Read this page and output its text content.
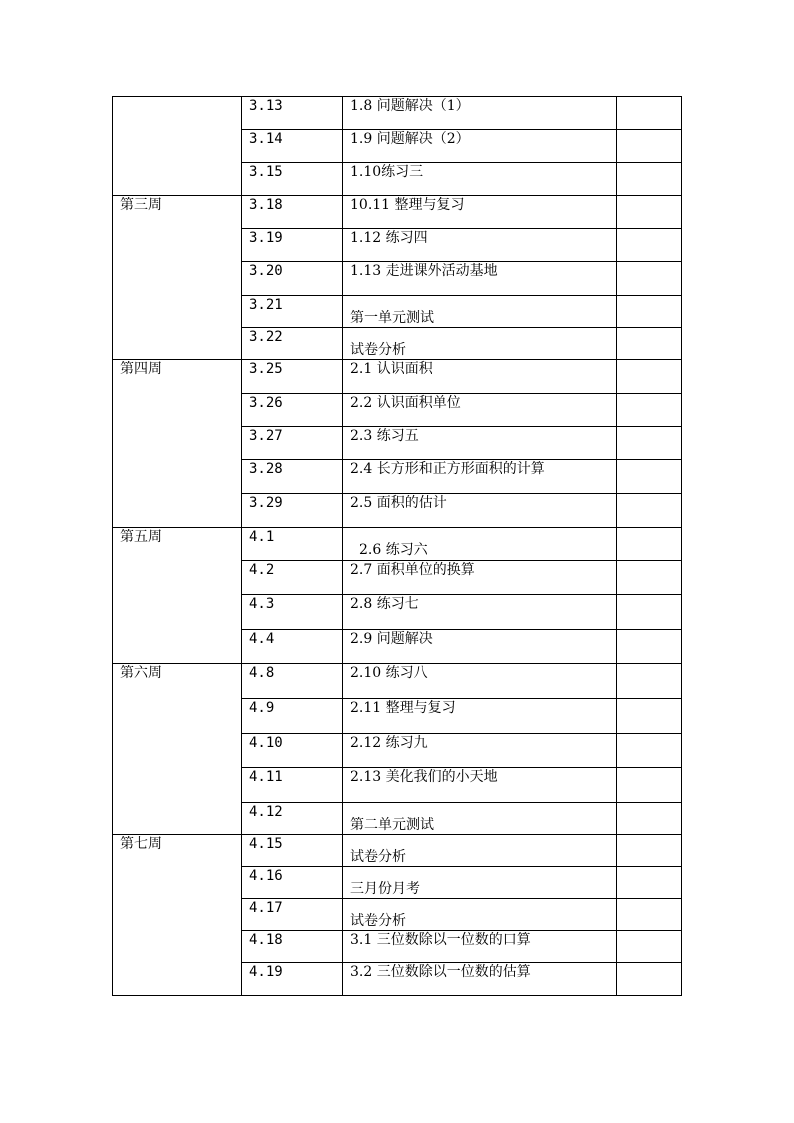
	3.13	1.8 问题解决（1）	
	3.14	1.9 问题解决（2）	
	3.15	1.10练习三	
第三周	3.18	10.11 整理与复习	
	3.19	1.12 练习四	
	3.20	1.13 走进课外活动基地	
	3.21	第一单元测试	
	3.22	试卷分析	
第四周	3.25	2.1 认识面积	
	3.26	2.2 认识面积单位	
	3.27	2.3 练习五	
	3.28	2.4 长方形和正方形面积的计算	
	3.29	2.5 面积的估计	
第五周	4.1	2.6 练习六	
	4.2	2.7 面积单位的换算	
	4.3	2.8 练习七	
	4.4	2.9 问题解决	
第六周	4.8	2.10 练习八	
	4.9	2.11 整理与复习	
	4.10	2.12 练习九	
	4.11	2.13 美化我们的小天地	
	4.12	第二单元测试	
第七周	4.15	试卷分析	
	4.16	三月份月考	
	4.17	试卷分析	
	4.18	3.1 三位数除以一位数的口算	
	4.19	3.2 三位数除以一位数的估算	
